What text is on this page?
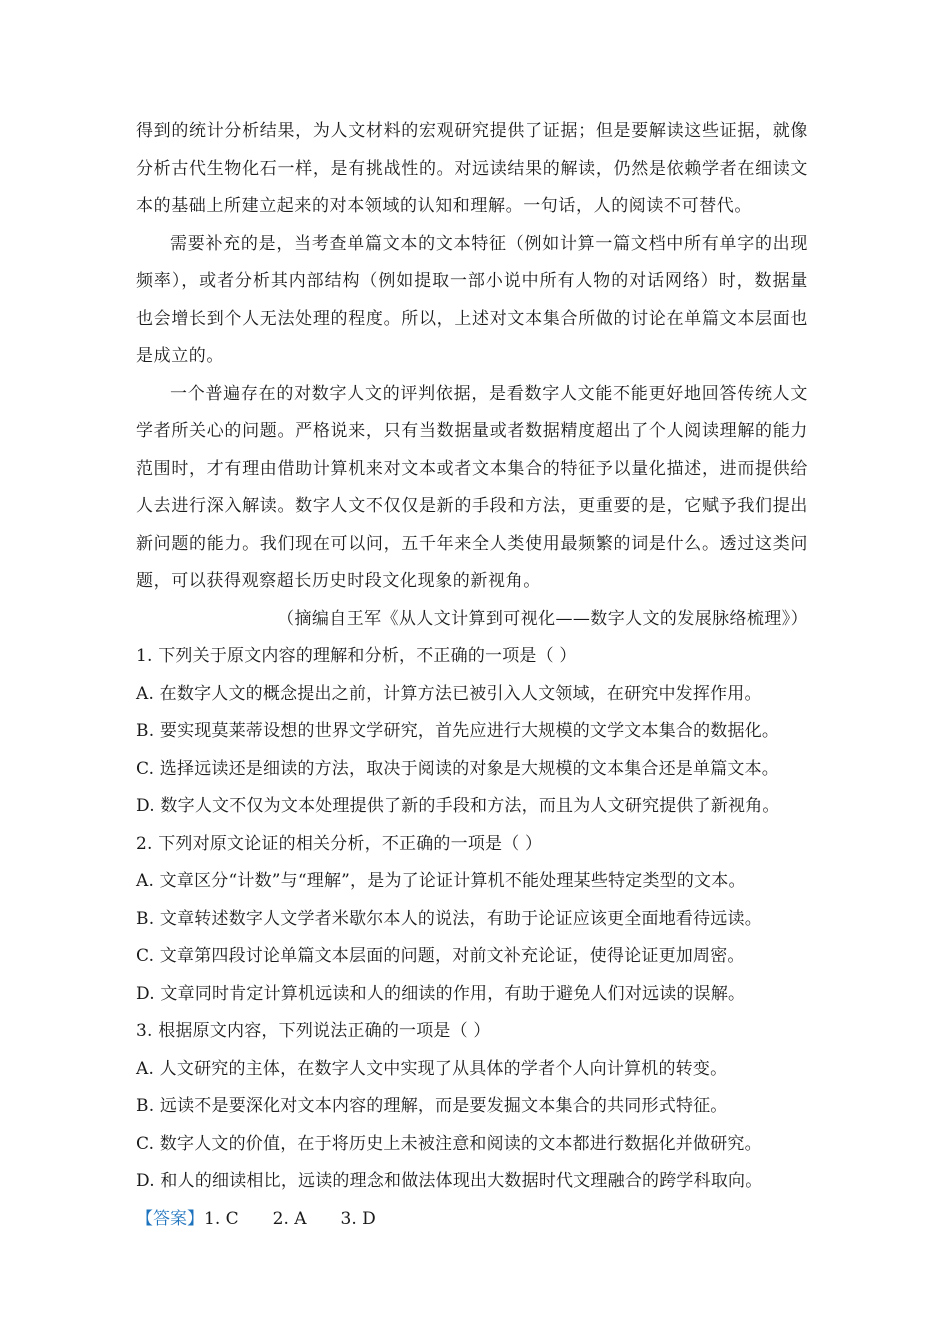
得到的统计分析结果，为人文材料的宏观研究提供了证据；但是要解读这些证据，就像分析古代生物化石一样，是有挑战性的。对远读结果的解读，仍然是依赖学者在细读文本的基础上所建立起来的对本领域的认知和理解。一句话，人的阅读不可替代。

需要补充的是，当考查单篇文本的文本特征（例如计算一篇文档中所有单字的出现频率），或者分析其内部结构（例如提取一部小说中所有人物的对话网络）时，数据量也会增长到个人无法处理的程度。所以，上述对文本集合所做的讨论在单篇文本层面也是成立的。

一个普遍存在的对数字人文的评判依据，是看数字人文能不能更好地回答传统人文学者所关心的问题。严格说来，只有当数据量或者数据精度超出了个人阅读理解的能力范围时，才有理由借助计算机来对文本或者文本集合的特征予以量化描述，进而提供给人去进行深入解读。数字人文不仅仅是新的手段和方法，更重要的是，它赋予我们提出新问题的能力。我们现在可以问，五千年来全人类使用最频繁的词是什么。透过这类问题，可以获得观察超长历史时段文化现象的新视角。

（摘编自王军《从人文计算到可视化——数字人文的发展脉络梳理》）

1. 下列关于原文内容的理解和分析，不正确的一项是（ ）

A. 在数字人文的概念提出之前，计算方法已被引入人文领域，在研究中发挥作用。

B. 要实现莫莱蒂设想的世界文学研究，首先应进行大规模的文学文本集合的数据化。

C. 选择远读还是细读的方法，取决于阅读的对象是大规模的文本集合还是单篇文本。

D. 数字人文不仅为文本处理提供了新的手段和方法，而且为人文研究提供了新视角。

2. 下列对原文论证的相关分析，不正确的一项是（ ）

A. 文章区分“计数”与“理解”，是为了论证计算机不能处理某些特定类型的文本。

B. 文章转述数字人文学者米歇尔本人的说法，有助于论证应该更全面地看待远读。

C. 文章第四段讨论单篇文本层面的问题，对前文补充论证，使得论证更加周密。

D. 文章同时肯定计算机远读和人的细读的作用，有助于避免人们对远读的误解。

3. 根据原文内容，下列说法正确的一项是（ ）

A. 人文研究的主体，在数字人文中实现了从具体的学者个人向计算机的转变。

B. 远读不是要深化对文本内容的理解，而是要发掘文本集合的共同形式特征。

C. 数字人文的价值，在于将历史上未被注意和阅读的文本都进行数据化并做研究。

D. 和人的细读相比，远读的理念和做法体现出大数据时代文理融合的跨学科取向。

【答案】1. C 2. A 3. D
